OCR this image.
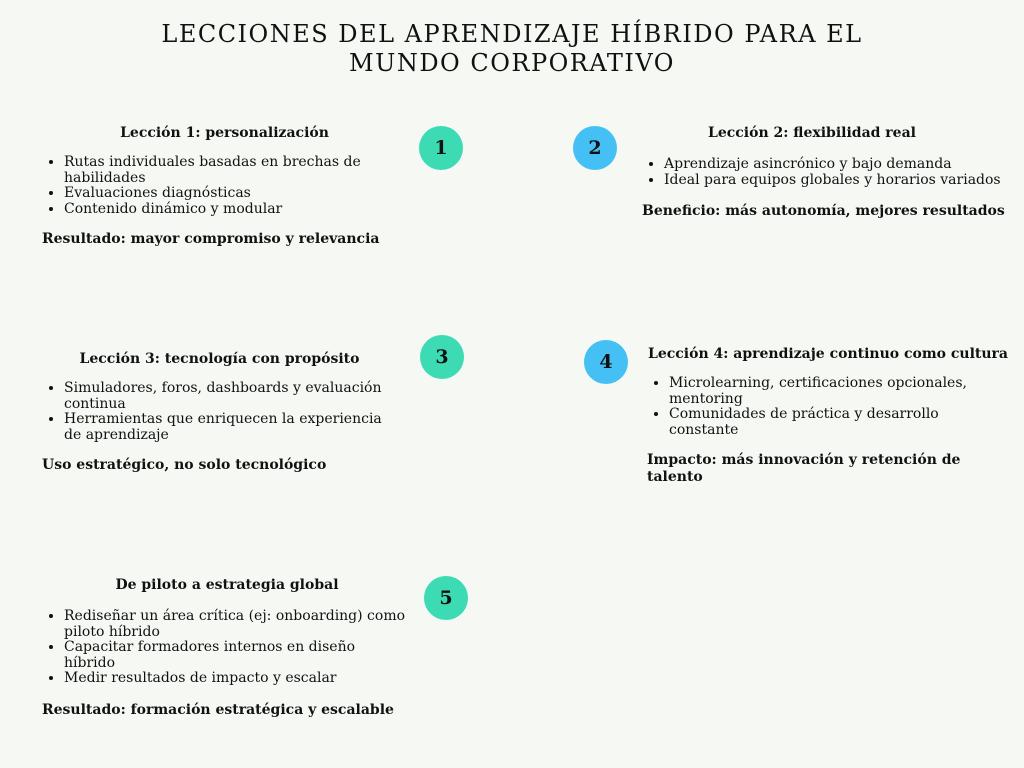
LECCIONES DEL APRENDIZAJE HÍBRIDO PARA EL
MUNDO CORPORATIVO
Lección 1: personalización
• Rutas individuales basadas en brechas de habilidades
• Evaluaciones diagnósticas
• Contenido dinámico y modular
Resultado: mayor compromiso y relevancia
1	2
Lección 2: flexibilidad real
• Aprendizaje asincrónico y bajo demanda
• Ideal para equipos globales y horarios variados
Beneficio: más autonomía, mejores resultados
Lección 3: tecnología con propósito
• Simuladores, foros, dashboards y evaluación continua
• Herramientas que enriquecen la experiencia de aprendizaje
Uso estratégico, no solo tecnológico
3	4	Lección 4: aprendizaje continuo como cultura
• Microlearning, certificaciones opcionales, mentoring
• Comunidades de práctica y desarrollo constante
Impacto: más innovación y retención de talento
De piloto a estrategia global
• Rediseñar un área crítica (ej: onboarding) como piloto híbrido
• Capacitar formadores internos en diseño híbrido
• Medir resultados de impacto y escalar
Resultado: formación estratégica y escalable
5
